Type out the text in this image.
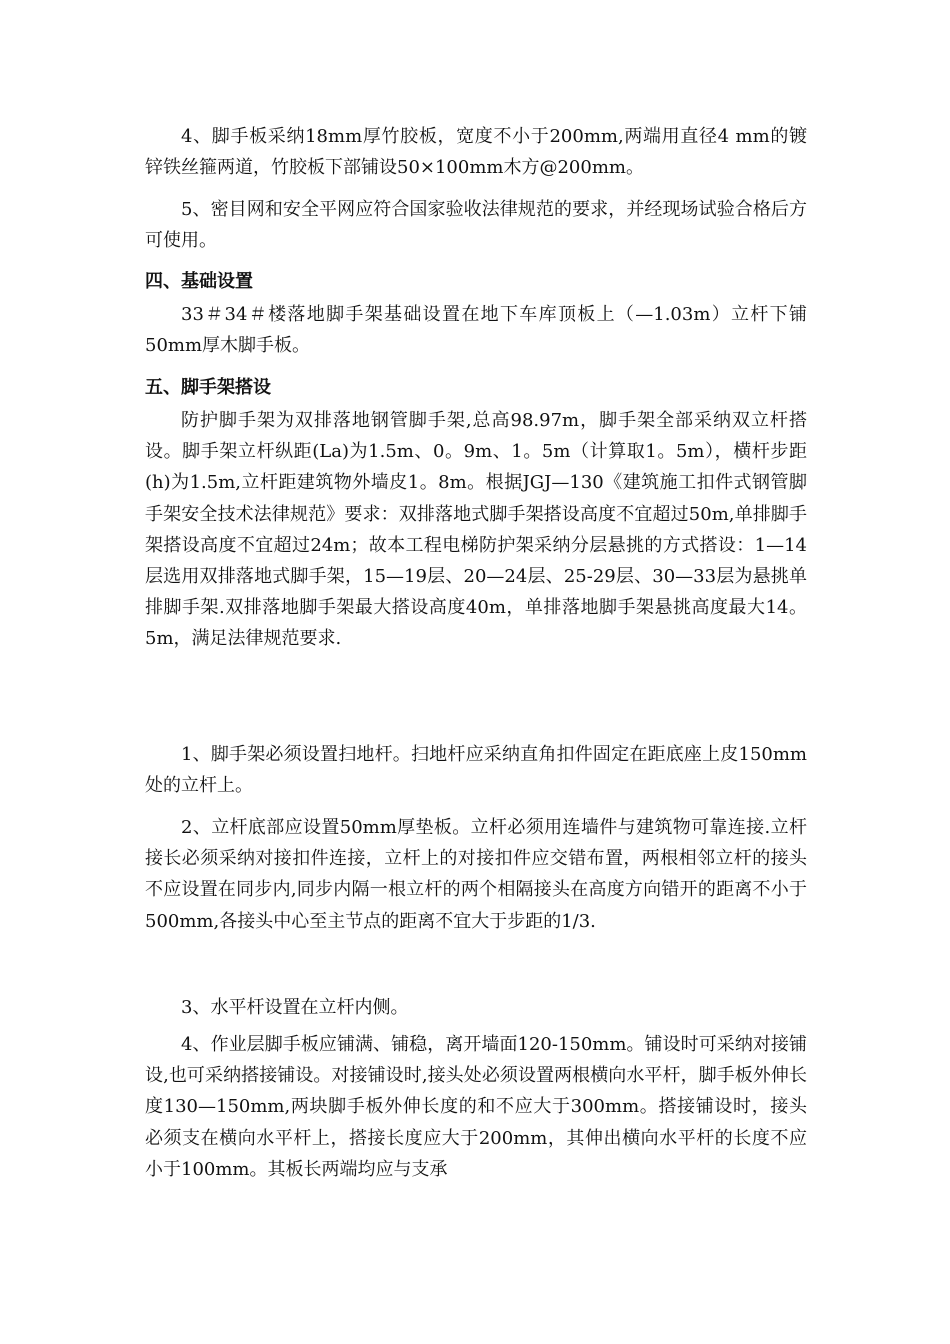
4、脚手板采纳18mm厚竹胶板，宽度不小于200mm,两端用直径4 mm的镀锌铁丝箍两道，竹胶板下部铺设50×100mm木方@200mm。

5、密目网和安全平网应符合国家验收法律规范的要求，并经现场试验合格后方可使用。

四、基础设置

33＃34＃楼落地脚手架基础设置在地下车库顶板上（—1.03m）立杆下铺50mm厚木脚手板。

五、脚手架搭设

防护脚手架为双排落地钢管脚手架,总高98.97m，脚手架全部采纳双立杆搭设。脚手架立杆纵距(La)为1.5m、0。9m、1。5m（计算取1。5m），横杆步距(h)为1.5m,立杆距建筑物外墙皮1。8m。根据JGJ—130《建筑施工扣件式钢管脚手架安全技术法律规范》要求：双排落地式脚手架搭设高度不宜超过50m,单排脚手架搭设高度不宜超过24m；故本工程电梯防护架采纳分层悬挑的方式搭设：1—14层选用双排落地式脚手架，15—19层、20—24层、25-29层、30—33层为悬挑单排脚手架.双排落地脚手架最大搭设高度40m，单排落地脚手架悬挑高度最大14。5m，满足法律规范要求.

1、脚手架必须设置扫地杆。扫地杆应采纳直角扣件固定在距底座上皮150mm处的立杆上。

2、立杆底部应设置50mm厚垫板。立杆必须用连墙件与建筑物可靠连接.立杆接长必须采纳对接扣件连接，立杆上的对接扣件应交错布置，两根相邻立杆的接头不应设置在同步内,同步内隔一根立杆的两个相隔接头在高度方向错开的距离不小于500mm,各接头中心至主节点的距离不宜大于步距的1/3.

3、水平杆设置在立杆内侧。

4、作业层脚手板应铺满、铺稳，离开墙面120-150mm。铺设时可采纳对接铺设,也可采纳搭接铺设。对接铺设时,接头处必须设置两根横向水平杆，脚手板外伸长度130—150mm,两块脚手板外伸长度的和不应大于300mm。搭接铺设时，接头必须支在横向水平杆上，搭接长度应大于200mm，其伸出横向水平杆的长度不应小于100mm。其板长两端均应与支承
